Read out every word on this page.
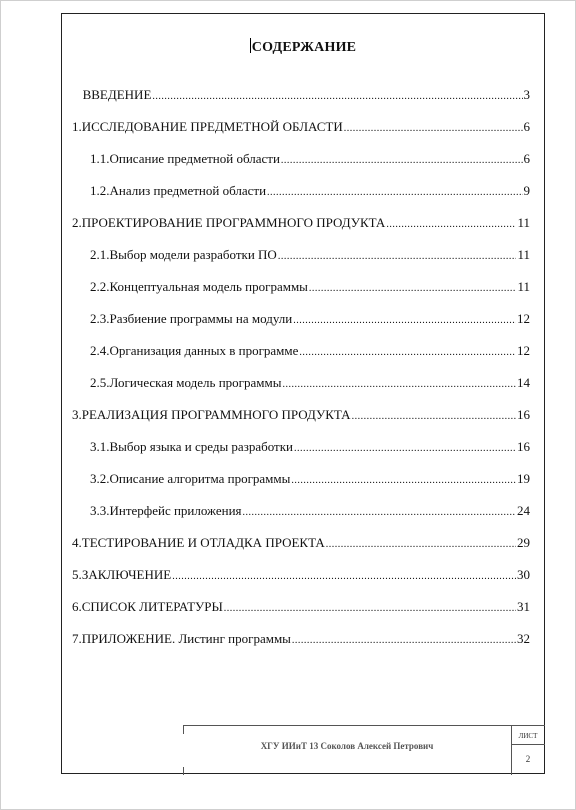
СОДЕРЖАНИЕ
ВВЕДЕНИЕ .....	3
1. ИССЛЕДОВАНИЕ ПРЕДМЕТНОЙ ОБЛАСТИ .....	6
1.1. Описание предметной области .....	6
1.2. Анализ предметной области .....	9
2. ПРОЕКТИРОВАНИЕ ПРОГРАММНОГО ПРОДУКТА .....	11
2.1. Выбор модели разработки ПО .....	11
2.2. Концептуальная модель программы .....	11
2.3. Разбиение программы на модули .....	12
2.4. Организация данных в программе .....	12
2.5. Логическая модель программы .....	14
3. РЕАЛИЗАЦИЯ ПРОГРАММНОГО ПРОДУКТА .....	16
3.1. Выбор языка и среды разработки .....	16
3.2. Описание алгоритма программы .....	19
3.3. Интерфейс приложения .....	24
4. ТЕСТИРОВАНИЕ И ОТЛАДКА ПРОЕКТА .....	29
5. ЗАКЛЮЧЕНИЕ .....	30
6. СПИСОК ЛИТЕРАТУРЫ .....	31
7. ПРИЛОЖЕНИЕ. Листинг программы .....	32
ХГУ ИИиТ 13 Соколов Алексей Петрович
ЛИСТ
2
